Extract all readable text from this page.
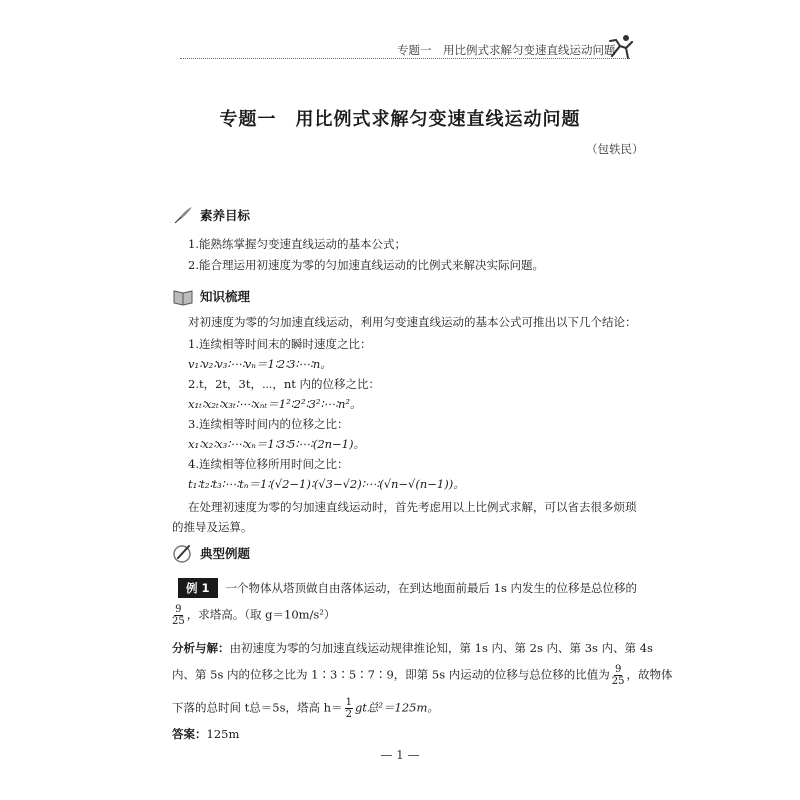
专题一　用比例式求解匀变速直线运动问题
专题一　用比例式求解匀变速直线运动问题
（包轶民）
素养目标
1.能熟练掌握匀变速直线运动的基本公式；
2.能合理运用初速度为零的匀加速直线运动的比例式来解决实际问题。
知识梳理
对初速度为零的匀加速直线运动，利用匀变速直线运动的基本公式可推出以下几个结论：
1.连续相等时间末的瞬时速度之比：
v₁∶v₂∶v₃∶⋯∶vₙ＝1∶2∶3∶⋯∶n。
2.t，2t，3t，⋯，nt 内的位移之比：
x₁ₜ∶x₂ₜ∶x₃ₜ∶⋯∶xₙₜ＝1²∶2²∶3²∶⋯∶n²。
3.连续相等时间内的位移之比：
x₁∶x₂∶x₃∶⋯∶xₙ＝1∶3∶5∶⋯∶(2n−1)。
4.连续相等位移所用时间之比：
t₁∶t₂∶t₃∶⋯∶tₙ＝1∶(√2−1)∶(√3−√2)∶⋯∶(√n−√(n−1))。
在处理初速度为零的匀加速直线运动时，首先考虑用以上比例式求解，可以省去很多烦琐
的推导及运算。
典型例题
例 1 一个物体从塔顶做自由落体运动，在到达地面前最后 1s 内发生的位移是总位移的
$\frac{9}{25}$ ，求塔高。（取 g＝10m/s²）
分析与解：由初速度为零的匀加速直线运动规律推论知，第 1s 内、第 2s 内、第 3s 内、第 4s
内、第 5s 内的位移之比为 1∶3∶5∶7∶9，即第 5s 内运动的位移与总位移的比值为 $\frac{9}{25}$ ，故物体
下落的总时间 t总＝5s，塔高 $h= \frac{1}{2}$ gt总²＝125m。
答案：125m
— 1 —
